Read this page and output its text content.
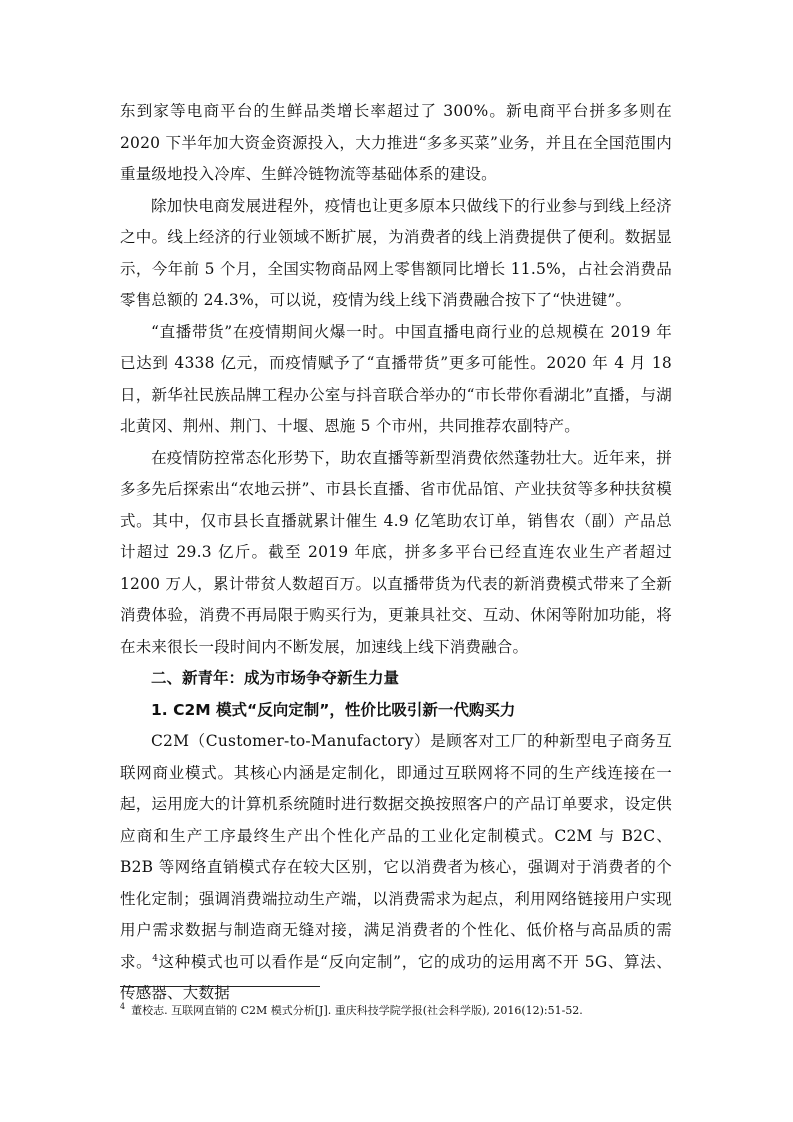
东到家等电商平台的生鲜品类增长率超过了 300%。新电商平台拼多多则在 2020 下半年加大资金资源投入，大力推进“多多买菜”业务，并且在全国范围内重量级地投入冷库、生鲜冷链物流等基础体系的建设。

除加快电商发展进程外，疫情也让更多原本只做线下的行业参与到线上经济之中。线上经济的行业领域不断扩展，为消费者的线上消费提供了便利。数据显示，今年前 5 个月，全国实物商品网上零售额同比增长 11.5%，占社会消费品零售总额的 24.3%，可以说，疫情为线上线下消费融合按下了“快进键”。

“直播带货”在疫情期间火爆一时。中国直播电商行业的总规模在 2019 年已达到 4338 亿元，而疫情赋予了“直播带货”更多可能性。2020 年 4 月 18 日，新华社民族品牌工程办公室与抖音联合举办的“市长带你看湖北”直播，与湖北黄冈、荆州、荆门、十堰、恩施 5 个市州，共同推荐农副特产。

在疫情防控常态化形势下，助农直播等新型消费依然蓬勃壮大。近年来，拼多多先后探索出“农地云拼”、市县长直播、省市优品馆、产业扶贫等多种扶贫模式。其中，仅市县长直播就累计催生 4.9 亿笔助农订单，销售农（副）产品总计超过 29.3 亿斤。截至 2019 年底，拼多多平台已经直连农业生产者超过 1200 万人，累计带贫人数超百万。以直播带货为代表的新消费模式带来了全新消费体验，消费不再局限于购买行为，更兼具社交、互动、休闲等附加功能，将在未来很长一段时间内不断发展，加速线上线下消费融合。

二、新青年：成为市场争夺新生力量
1. C2M 模式“反向定制”，性价比吸引新一代购买力

C2M（Customer-to-Manufactory）是顾客对工厂的种新型电子商务互联网商业模式。其核心内涵是定制化，即通过互联网将不同的生产线连接在一起，运用庞大的计算机系统随时进行数据交换按照客户的产品订单要求，设定供应商和生产工序最终生产出个性化产品的工业化定制模式。C2M 与 B2C、B2B 等网络直销模式存在较大区别，它以消费者为核心，强调对于消费者的个性化定制；强调消费端拉动生产端，以消费需求为起点，利用网络链接用户实现用户需求数据与制造商无缝对接，满足消费者的个性化、低价格与高品质的需求。$^4$这种模式也可以看作是“反向定制”，它的成功的运用离不开 5G、算法、传感器、大数据

$^4$ 董校志. 互联网直销的 C2M 模式分析[J]. 重庆科技学院学报(社会科学版), 2016(12):51-52.
